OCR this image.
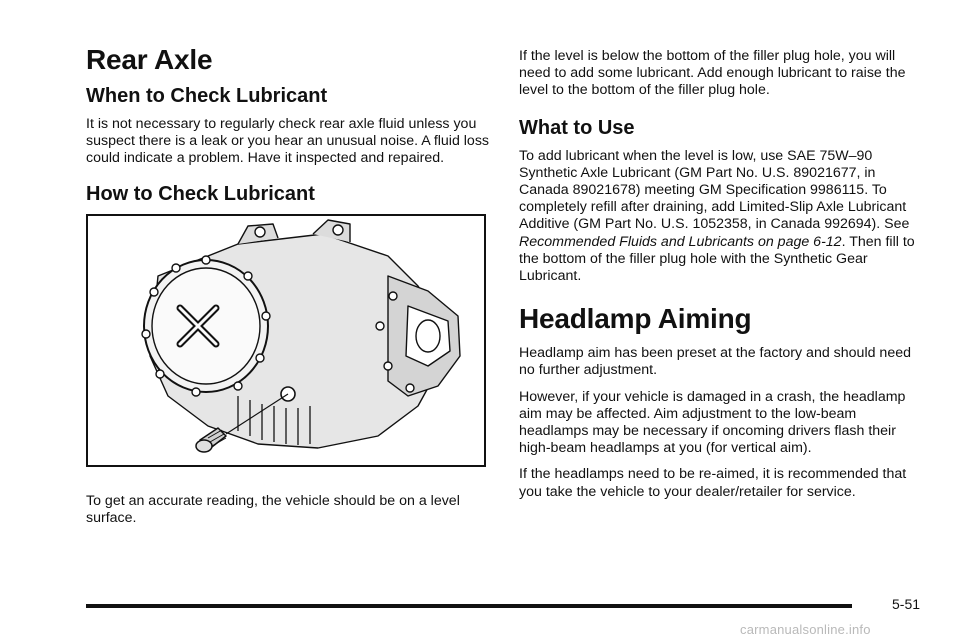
Rear Axle
When to Check Lubricant

It is not necessary to regularly check rear axle fluid unless you suspect there is a leak or you hear an unusual noise. A fluid loss could indicate a problem. Have it inspected and repaired.

How to Check Lubricant

To get an accurate reading, the vehicle should be on a level surface.

If the level is below the bottom of the filler plug hole, you will need to add some lubricant. Add enough lubricant to raise the level to the bottom of the filler plug hole.

What to Use

To add lubricant when the level is low, use SAE 75W–90 Synthetic Axle Lubricant (GM Part No. U.S. 89021677, in Canada 89021678) meeting GM Specification 9986115. To completely refill after draining, add Limited-Slip Axle Lubricant Additive (GM Part No. U.S. 1052358, in Canada 992694). See Recommended Fluids and Lubricants on page 6-12. Then fill to the bottom of the filler plug hole with the Synthetic Gear Lubricant.

Headlamp Aiming

Headlamp aim has been preset at the factory and should need no further adjustment.

However, if your vehicle is damaged in a crash, the headlamp aim may be affected. Aim adjustment to the low-beam headlamps may be necessary if oncoming drivers flash their high-beam headlamps at you (for vertical aim).

If the headlamps need to be re-aimed, it is recommended that you take the vehicle to your dealer/retailer for service.

5-51
carmanualsonline.info
